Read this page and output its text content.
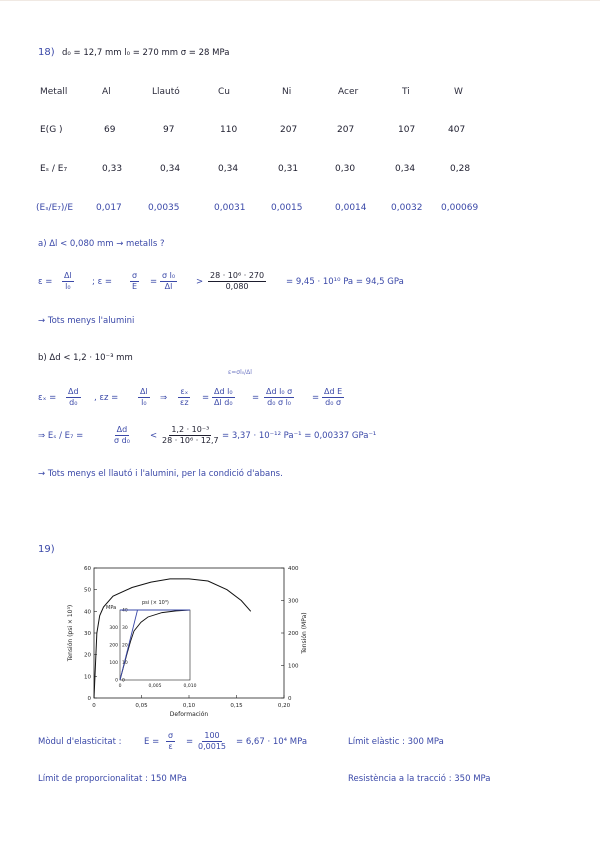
18) d₀ = 12,7 mm l₀ = 270 mm σ = 28 MPa
Metall	Al	Llautó	Cu	Ni	Acer	Ti	W
E(G )	69	97	110	207	207	107	407
Eₛ / E₇	0,33	0,34	0,34	0,31	0,30	0,34	0,28
(Eₛ/E₇)/E	0,017	0,0035	0,0031	0,0015	0,0014	0,0032 0,00069
a) Δl < 0,080 mm → metalls ?
$\varepsilon = \frac{\Delta l}{\text{l₀}}$ ; $\varepsilon = \frac{\sigma}{E} = \frac{\text{σ l₀}}{\Delta l} > \frac{\text{28 · 10⁶ · 270}}{0,080} = 9,45 \cdot 10^{10}$ Pa = 94,5 GPa
→ Tots menys l'alumini
b) Δd < 1,2 · 10⁻³ mm
ε=σl₀/Δl
$\varepsilon_x = \frac{\Delta d}{\text{d₀}}$ , $\varepsilon z = \frac{\Delta l}{\text{l₀}}$ ⇒ $\frac{\text{εₓ}}{\varepsilon z} = \frac{\text{Δd l₀}}{\text{Δl d₀}} = \frac{\text{Δd l₀ σ}}{\text{d₀ σ l₀}} = \frac{\text{Δd E}}{\text{d₀ σ}}$
⇒ Eₛ / E₇ =	$\frac{\Delta d}{\text{σ d₀}} < \frac{\text{1,2 · 10⁻³}}{\text{28 · 10⁶ · 12,7}} = 3,37 \cdot 10^{-12}$ Pa⁻¹ = 0,00337 GPa⁻¹
→ Tots menys el llautó i l'alumini, per la condició d'abans.
19)
0	0,05	0,10	0,15	0,20
0
10
20
30
40
50
60
0
100
200
300
400
Deformación
Tensión (psi × 10³)	Tensión (MPa)
0	0,005	0,010
0
10
20
30
40
0
100
200
300
psi (× 10³)
MPa
Mòdul d'elasticitat :	$E = \frac{\sigma}{\varepsilon} = \frac{100}{0,0015} = 6,67 \cdot 10^4$ MPa	Límit elàstic : 300 MPa
Límit de proporcionalitat : 150 MPa	Resistència a la tracció : 350 MPa
